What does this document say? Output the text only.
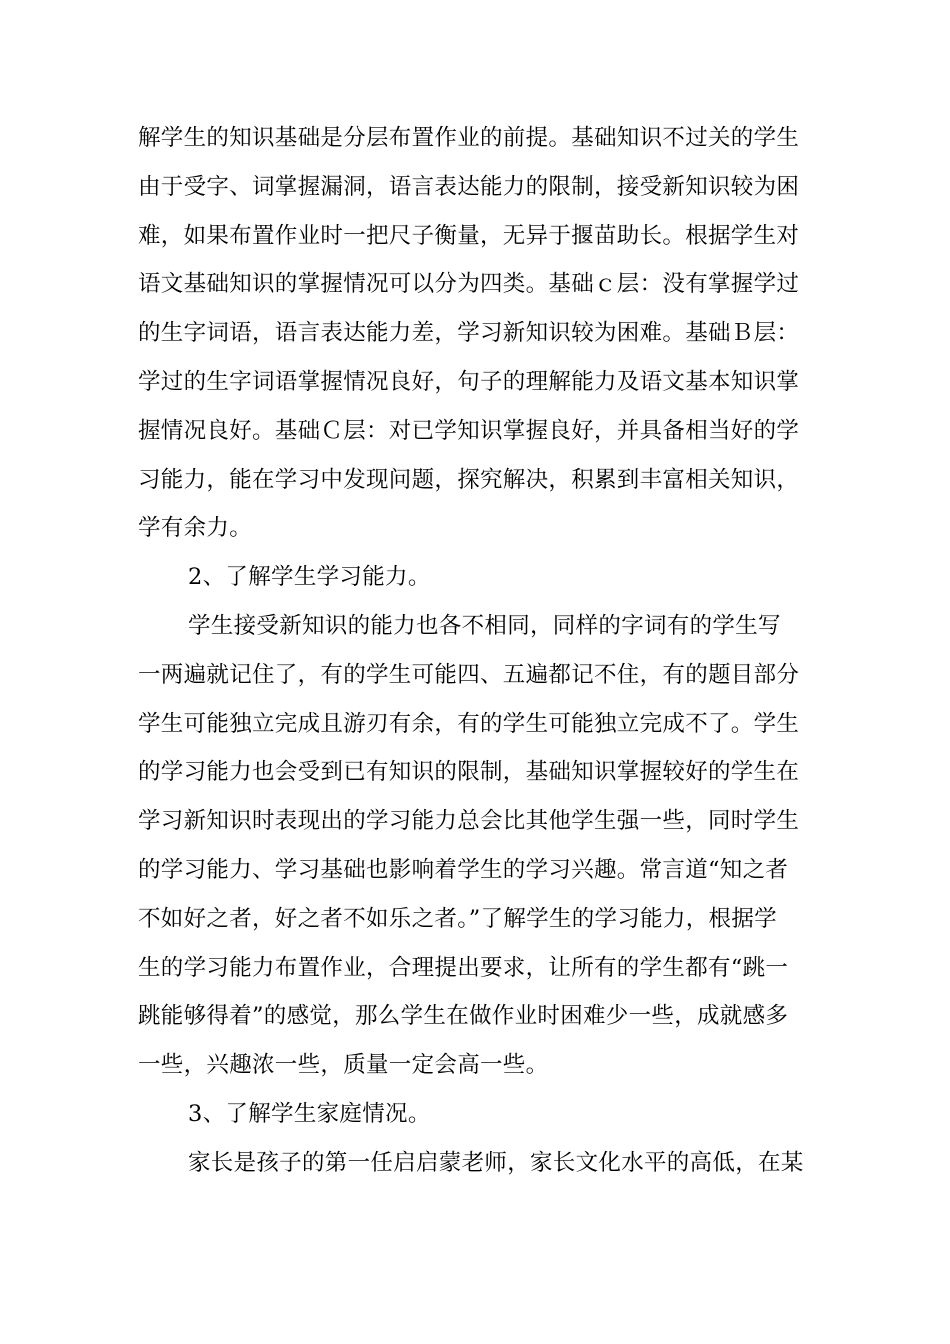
解学生的知识基础是分层布置作业的前提。基础知识不过关的学生
由于受字、词掌握漏洞，语言表达能力的限制，接受新知识较为困
难，如果布置作业时一把尺子衡量，无异于揠苗助长。根据学生对
语文基础知识的掌握情况可以分为四类。基础ｃ层：没有掌握学过
的生字词语，语言表达能力差，学习新知识较为困难。基础Ｂ层：
学过的生字词语掌握情况良好，句子的理解能力及语文基本知识掌
握情况良好。基础Ｃ层：对已学知识掌握良好，并具备相当好的学
习能力，能在学习中发现问题，探究解决，积累到丰富相关知识，
学有余力。
2、了解学生学习能力。
学生接受新知识的能力也各不相同，同样的字词有的学生写
一两遍就记住了，有的学生可能四、五遍都记不住，有的题目部分
学生可能独立完成且游刃有余，有的学生可能独立完成不了。学生
的学习能力也会受到已有知识的限制，基础知识掌握较好的学生在
学习新知识时表现出的学习能力总会比其他学生强一些，同时学生
的学习能力、学习基础也影响着学生的学习兴趣。常言道“知之者
不如好之者，好之者不如乐之者。”了解学生的学习能力，根据学
生的学习能力布置作业，合理提出要求，让所有的学生都有“跳一
跳能够得着”的感觉，那么学生在做作业时困难少一些，成就感多
一些，兴趣浓一些，质量一定会高一些。
3、了解学生家庭情况。
家长是孩子的第一任启启蒙老师，家长文化水平的高低，在某
